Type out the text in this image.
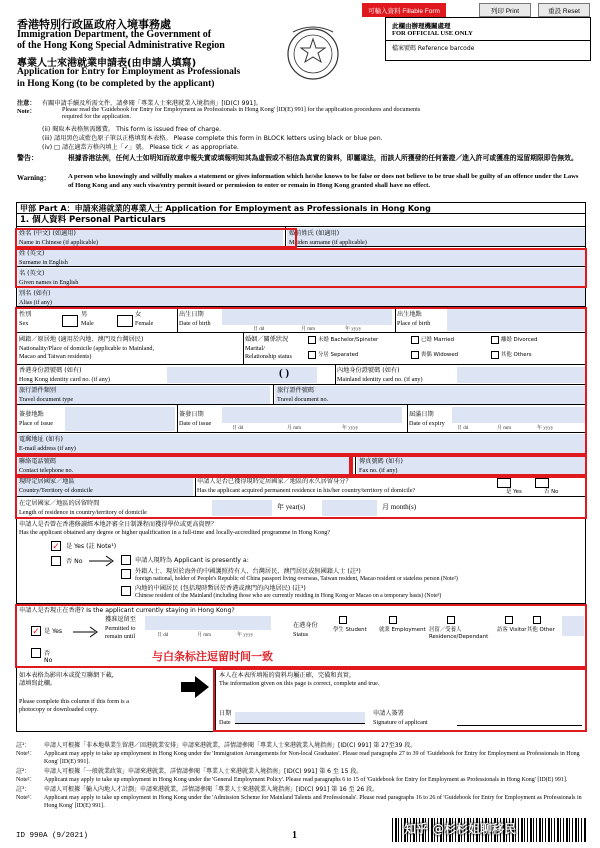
可輸入資料 Fillable Form	列印 Print	重設 Reset
香港特別行政區政府入境事務處
Immigration Department, the Government of
of the Hong Kong Special Administrative Region
專業人士來港就業申請表(由申請人填寫)
Application for Entry for Employment as Professionals
in Hong Kong (to be completed by the applicant)
此欄由辦理機關處理
FOR OFFICIAL USE ONLY
檔案號碼 Reference barcode
注意：
Note：
有關申請手續及所需文件，請參閱「專業人士來港就業入境指南」[ID(C) 991]。
Please read the 'Guidebook for Entry for Employment as Professionals in Hong Kong' [ID(E) 991] for the application procedures and documents required for the application.
(ii) 閱取本表格無需繳費。 This form is issued free of charge.
(iii) 請用黑色或藍色原子筆以正楷填寫本表格。 Please complete this form in BLOCK letters using black or blue pen.
(iv) □ 請在適當方格內填上「✓」號。 Please tick ✓ as appropriate.
警告：	根據香港法例，任何人士如明知而故意申報失實或填報明知其為虛假或不相信為真實的資料，即屬違法，而該人所獲發的任何簽證／進入許可或獲准的逗留期限即告無效。
Warning：	A person who knowingly and wilfully makes a statement or gives information which he/she knows to be false or does not believe to be true shall be guilty of an offence under the Laws of Hong Kong and any such visa/entry permit issued or permission to enter or remain in Hong Kong granted shall have no effect.
甲部 Part A：申請來港就業的專業人士 Application for Employment as Professionals in Hong Kong
1. 個人資料 Personal Particulars
姓名 (中文) (如適用)
Name in Chinese (if applicable)
婚前姓氏 (如適用)
Maiden surname (if applicable)
姓 (英文)
Surname in English
名 (英文)
Given names in English
別名 (如有)
Alias (if any)
性別
Sex
男
Male
女
Female
出生日期
Date of birth
日 dd	月 mm	年 yyyy
出生地點
Place of birth
國籍／原居地 (適用於內地、澳門及台灣居民)
Nationality/Place of domicile (applicable to Mainland,
Macao and Taiwan residents)
婚姻／關係狀況
Marital/
Relationship status
未婚 Bachelor/Spinster	已婚 Married	離婚 Divorced
分居 Separated	喪偶 Widowed	其他 Others
香港身份證號碼 (如有)
Hong Kong identity card no. (if any)
( )	內地身份證號碼 (如有)
Mainland identity card no. (if any)
旅行證件類別
Travel document type
旅行證件號碼
Travel document no.
簽發地點
Place of issue
簽發日期
Date of issue
日 dd	月 mm	年 yyyy
屆滿日期
Date of expiry
日 dd	月 mm	年 yyyy
電郵地址 (如有)
E-mail address (if any)
聯絡電話號碼
Contact telephone no.
傳真號碼 (如有)
Fax no. (if any)
現時定居國家／地區
Country/Territory of domicile
申請人是否已獲得現時定居國家／地區的永久居留身分？
Has the applicant acquired permanent residence in his/her country/territory of domicile?	是 Yes	否 No
在定居國家／地區的居留時間
Length of residence in country/territory of domicile
年 year(s)	月 month(s)
申請人是否曾在香港修讀經本地評審全日制課程而獲得學位或更高資歷？
Has the applicant obtained any degree or higher qualification in a full-time and locally-accredited programme in Hong Kong?
✓ 是 Yes (註 Note¹)
否 No	申請人現時為 Applicant is presently a:
外籍人士、現居於海外的中國護照持有人、台灣居民、澳門居民或無國籍人士 (註²)
foreign national, holder of People's Republic of China passport living overseas, Taiwan resident, Macao resident or stateless person (Note²)
內地的中國居民 (包括現時暫居於香港或澳門的內地居民) (註³)
Chinese resident of the Mainland (including those who are currently residing in Hong Kong or Macao on a temporary basis) (Note³)
申請人是否現正在香港? Is the applicant currently staying in Hong Kong?
✓ 是 Yes
獲准逗留至
Permitted to
remain until	日 dd	月 mm	年 yyyy
在港身份
Status
學生 Student	就業 Employment 居留／受養人 Residence/Dependant
訪客 Visitor 其他 Other
否 No
如本表格為影印本或從互聯網下載，
請填寫此欄。
Please complete this column if this form is a
photocopy or downloaded copy.
本人在本表所填報的資料均屬正確，完備和真實。
The information given on this page is correct, complete and true.
日期
Date
申請人簽署
Signature of applicant
与白条标注逗留时间一致
註¹：	申請人可根據「非本地畢業生留港／回港就業安排」申請來港就業，詳情請參閱「專業人士來港就業入境指南」[ID(C) 991] 第 27至39 段。
Note¹：	Applicant may apply to take up employment in Hong Kong under the 'Immigration Arrangements for Non-local Graduates'. Please read paragraphs 27 to 39 of 'Guidebook for Entry for Employment as Professionals in Hong Kong' [ID(E) 991].
註²：	申請人可根據「一般就業政策」申請來港就業，詳情請參閱「專業人士來港就業入境指南」[ID(C) 991] 第 6 至 15 段。
Note²：	Applicant may apply to take up employment in Hong Kong under the 'General Employment Policy'. Please read paragraphs 6 to 15 of 'Guidebook for Entry for Employment as Professionals in Hong Kong' [ID(E) 991].
註³：	申請人可根據「輸入內地人才計劃」申請來港就業，詳情請參閱「專業人士來港就業入境指南」[ID(C) 991] 第 16 至 26 段。
Note³：	Applicant may apply to take up employment in Hong Kong under the 'Admission Scheme for Mainland Talents and Professionals'. Please read paragraphs 16 to 26 of 'Guidebook for Entry for Employment as Professionals in Hong Kong' [ID(E) 991].
ID 990A (9/2021)	1	知乎 @杉杉姐聊移民
